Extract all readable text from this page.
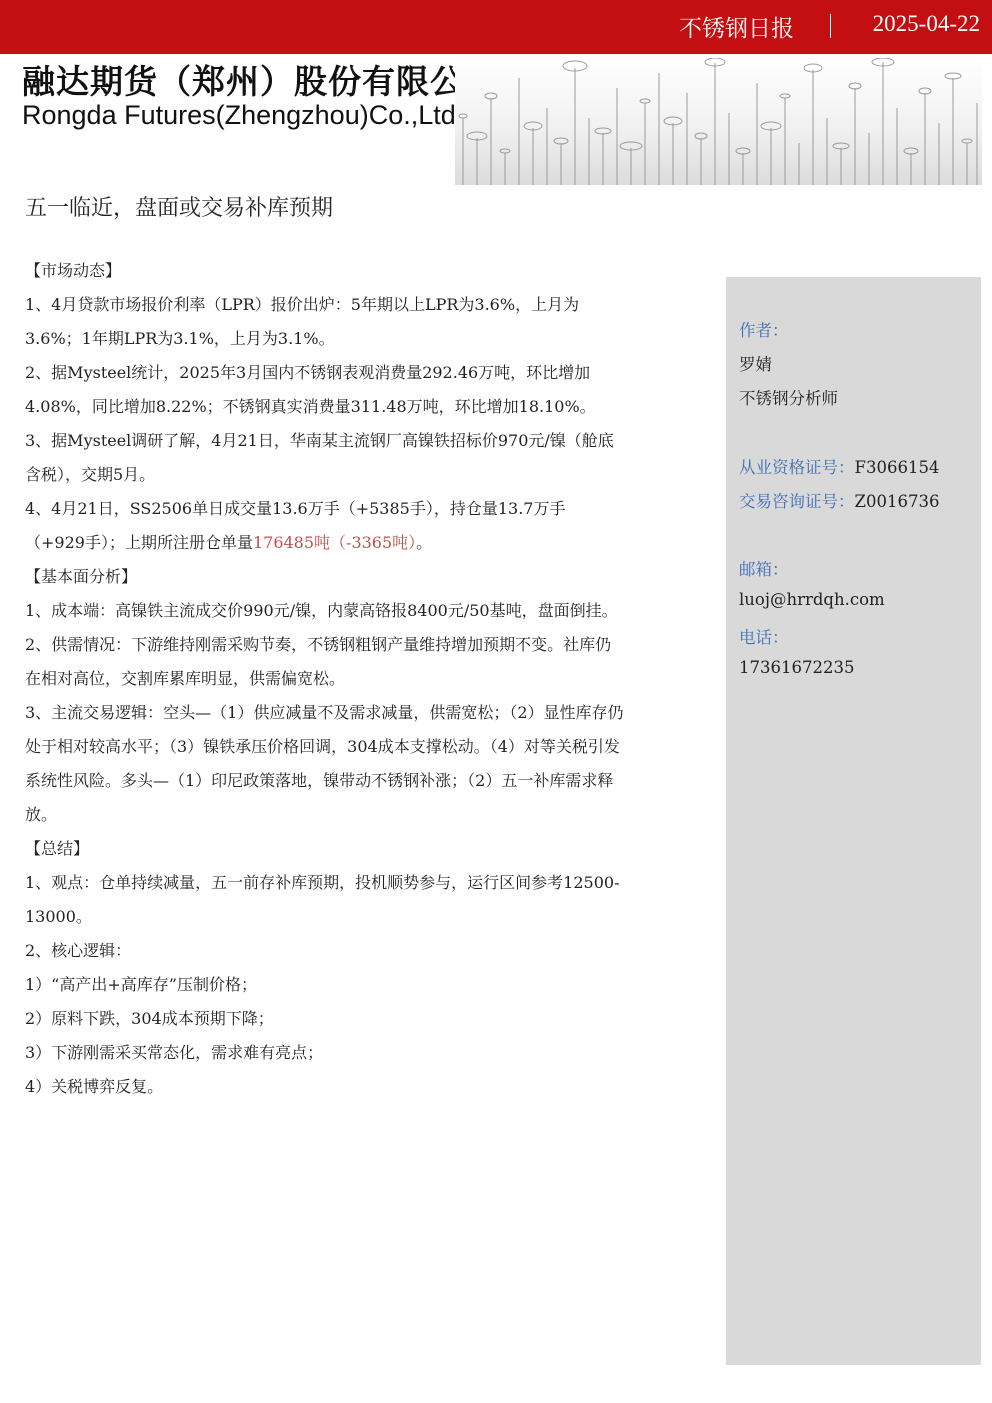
不锈钢日报	2025-04-22
融达期货（郑州）股份有限公司
Rongda Futures(Zhengzhou)Co.,Ltd.
五一临近，盘面或交易补库预期

【市场动态】

1、4月贷款市场报价利率（LPR）报价出炉：5年期以上LPR为3.6%，上月为3.6%；1年期LPR为3.1%，上月为3.1%。

2、据Mysteel统计，2025年3月国内不锈钢表观消费量292.46万吨，环比增加4.08%，同比增加8.22%；不锈钢真实消费量311.48万吨，环比增加18.10%。

3、据Mysteel调研了解，4月21日，华南某主流钢厂高镍铁招标价970元/镍（舱底含税），交期5月。

4、4月21日，SS2506单日成交量13.6万手（+5385手），持仓量13.7万手（+929手）；上期所注册仓单量176485吨（-3365吨）。

【基本面分析】

1、成本端：高镍铁主流成交价990元/镍，内蒙高铬报8400元/50基吨，盘面倒挂。

2、供需情况：下游维持刚需采购节奏，不锈钢粗钢产量维持增加预期不变。社库仍在相对高位，交割库累库明显，供需偏宽松。

3、主流交易逻辑：空头—（1）供应减量不及需求减量，供需宽松；（2）显性库存仍处于相对较高水平；（3）镍铁承压价格回调，304成本支撑松动。（4）对等关税引发系统性风险。多头—（1）印尼政策落地，镍带动不锈钢补涨；（2）五一补库需求释放。

【总结】

1、观点：仓单持续减量，五一前存补库预期，投机顺势参与，运行区间参考12500-13000。

2、核心逻辑：

1）“高产出+高库存”压制价格；

2）原料下跌，304成本预期下降；

3）下游刚需采买常态化，需求难有亮点；

4）关税博弈反复。

作者：
罗婧
不锈钢分析师
从业资格证号：F3066154
交易咨询证号：Z0016736
邮箱：
luoj@hrrdqh.com
电话：
17361672235
